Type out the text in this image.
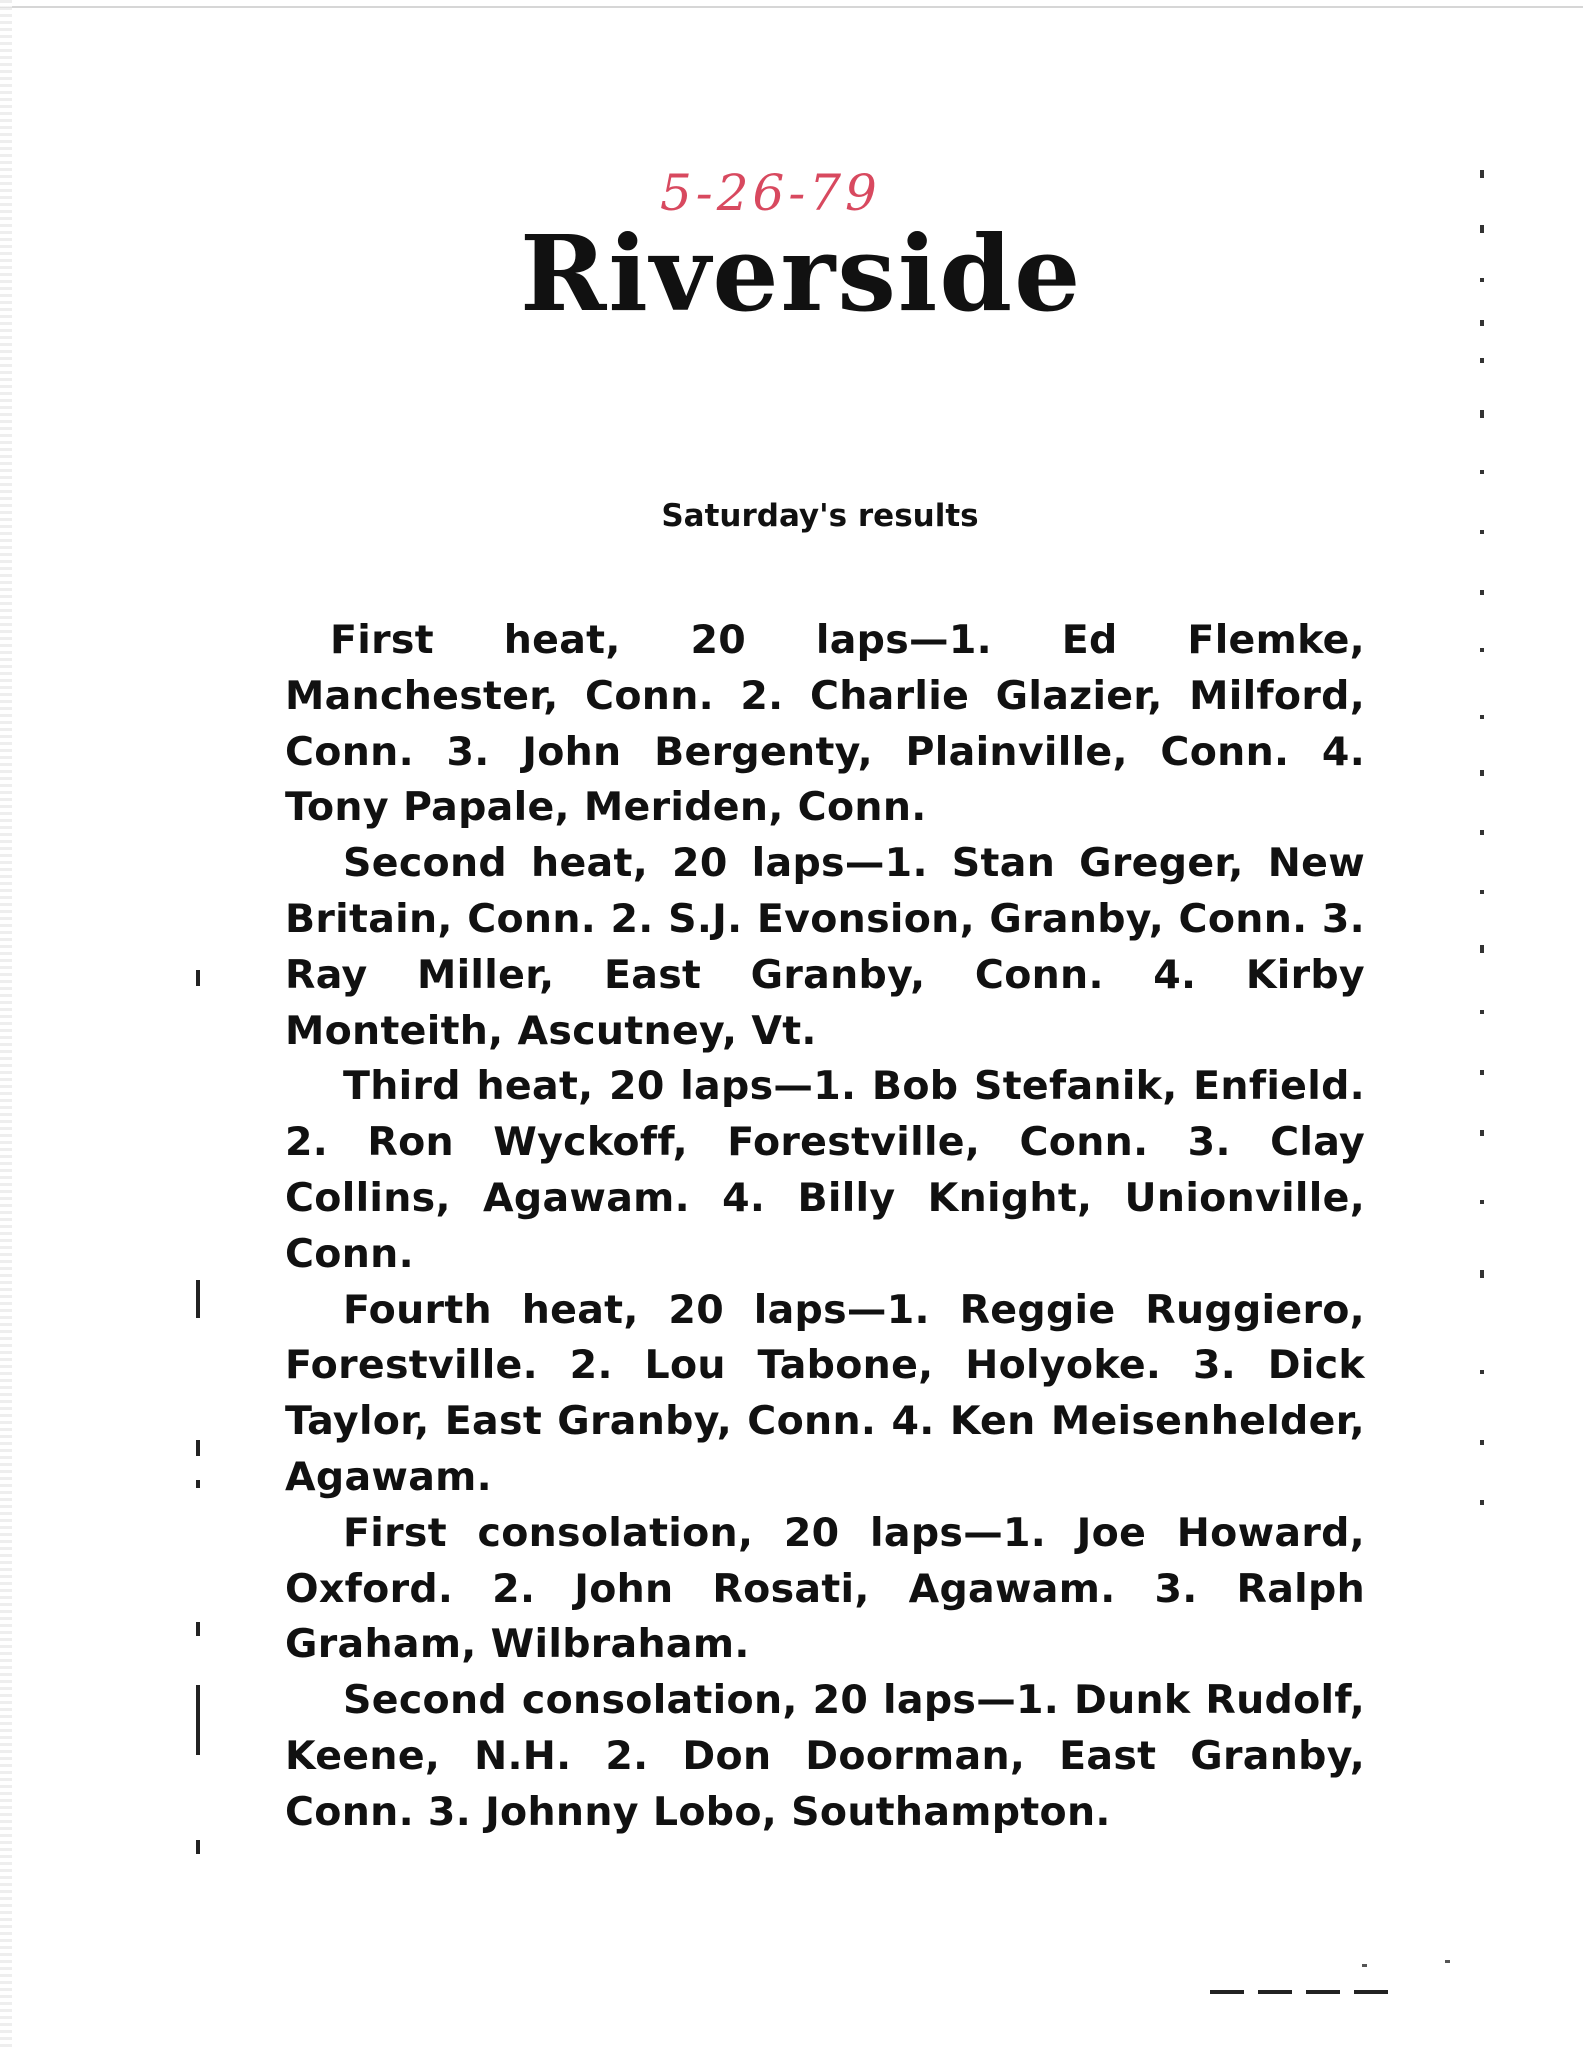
5-26-79
Riverside
Saturday's results

First heat, 20 laps—1. Ed Flemke, Manchester, Conn. 2. Charlie Glazier, Milford, Conn. 3. John Bergenty, Plainville, Conn. 4. Tony Papale, Meriden, Conn.

Second heat, 20 laps—1. Stan Greger, New Britain, Conn. 2. S.J. Evonsion, Granby, Conn. 3. Ray Miller, East Granby, Conn. 4. Kirby Monteith, Ascutney, Vt.

Third heat, 20 laps—1. Bob Stefanik, Enfield. 2. Ron Wyckoff, Forestville, Conn. 3. Clay Collins, Agawam. 4. Billy Knight, Unionville, Conn.

Fourth heat, 20 laps—1. Reggie Ruggiero, Forestville. 2. Lou Tabone, Holyoke. 3. Dick Taylor, East Granby, Conn. 4. Ken Meisenhelder, Agawam.

First consolation, 20 laps—1. Joe Howard, Oxford. 2. John Rosati, Agawam. 3. Ralph Graham, Wilbraham.

Second consolation, 20 laps—1. Dunk Rudolf, Keene, N.H. 2. Don Doorman, East Granby, Conn. 3. Johnny Lobo, Southampton.
